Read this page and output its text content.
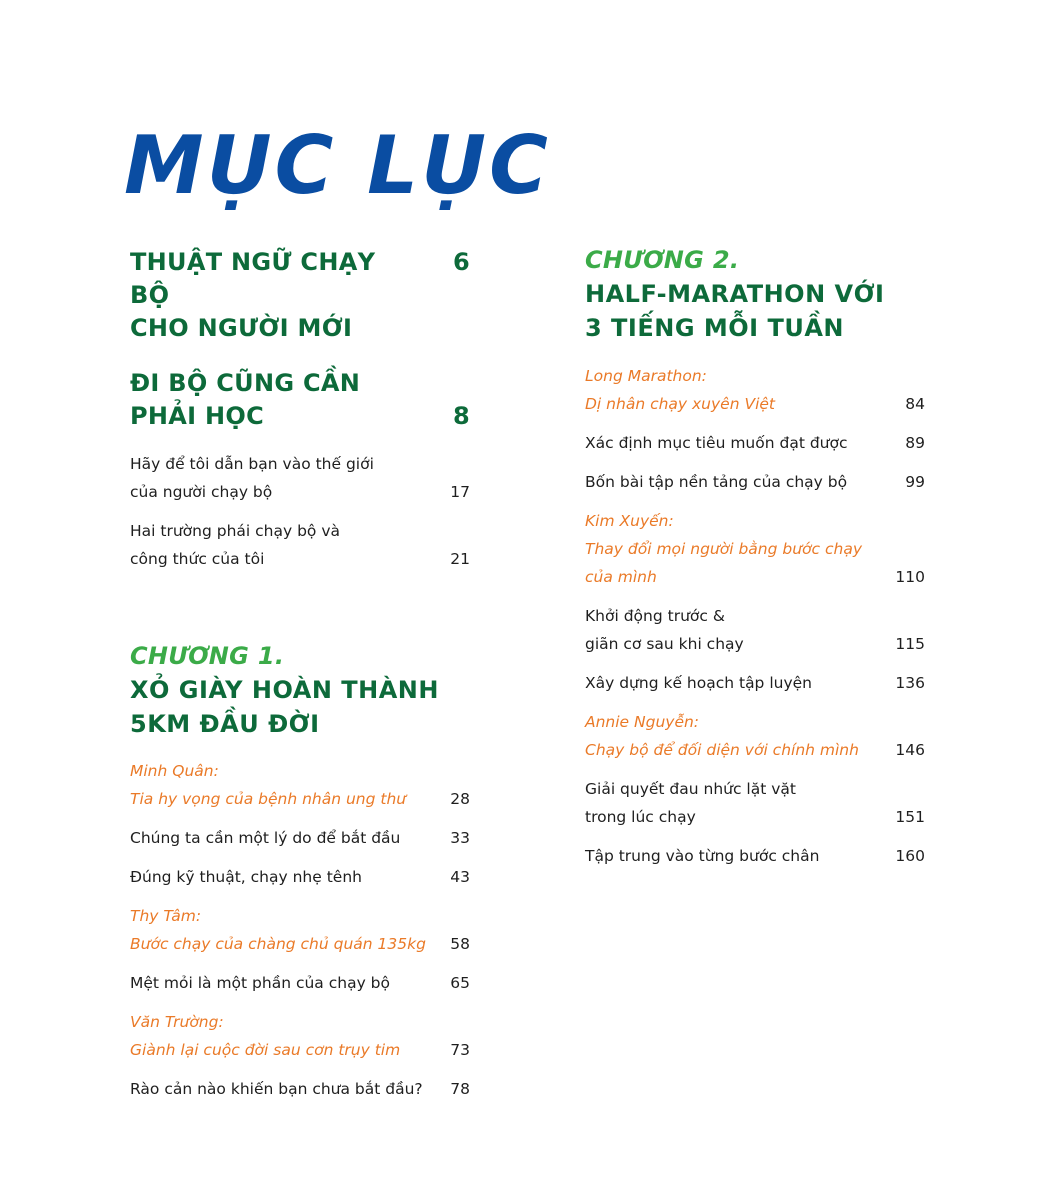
MỤC LỤC
THUẬT NGỮ CHẠY BỘ
CHO NGƯỜI MỚI
6
ĐI BỘ CŨNG CẦN
PHẢI HỌC	8
Hãy để tôi dẫn bạn vào thế giới
của người chạy bộ	17
Hai trường phái chạy bộ và
công thức của tôi	21
CHƯƠNG 1.
XỎ GIÀY HOÀN THÀNH
5KM ĐẦU ĐỜI
Minh Quân:
Tia hy vọng của bệnh nhân ung thư	28
Chúng ta cần một lý do để bắt đầu	33
Đúng kỹ thuật, chạy nhẹ tênh	43
Thy Tâm:
Bước chạy của chàng chủ quán 135kg 58
Mệt mỏi là một phần của chạy bộ	65
Văn Trường:
Giành lại cuộc đời sau cơn trụy tim	73
Rào cản nào khiến bạn chưa bắt đầu? 78
CHƯƠNG 2.
HALF-MARATHON VỚI
3 TIẾNG MỖI TUẦN
Long Marathon:
Dị nhân chạy xuyên Việt	84
Xác định mục tiêu muốn đạt được	89
Bốn bài tập nền tảng của chạy bộ	99
Kim Xuyến:
Thay đổi mọi người bằng bước chạy
của mình	110
Khởi động trước &
giãn cơ sau khi chạy	115
Xây dựng kế hoạch tập luyện	136
Annie Nguyễn:
Chạy bộ để đối diện với chính mình 146
Giải quyết đau nhức lặt vặt
trong lúc chạy	151
Tập trung vào từng bước chân	160
